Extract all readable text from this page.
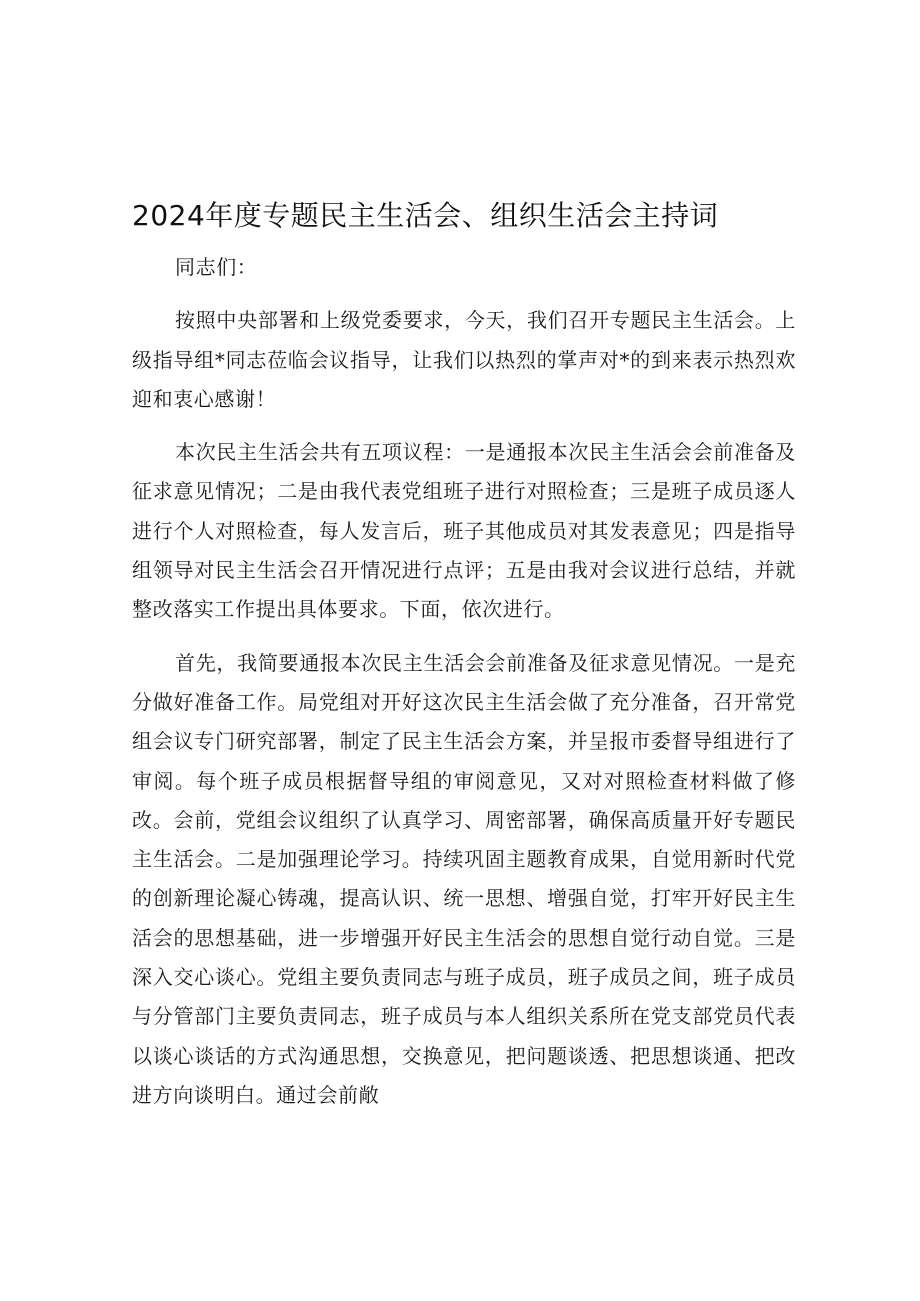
2024年度专题民主生活会、组织生活会主持词

同志们：

按照中央部署和上级党委要求，今天，我们召开专题民主生活会。上级指导组*同志莅临会议指导，让我们以热烈的掌声对*的到来表示热烈欢迎和衷心感谢！

本次民主生活会共有五项议程：一是通报本次民主生活会会前准备及征求意见情况；二是由我代表党组班子进行对照检查；三是班子成员逐人进行个人对照检查，每人发言后，班子其他成员对其发表意见；四是指导组领导对民主生活会召开情况进行点评；五是由我对会议进行总结，并就整改落实工作提出具体要求。下面，依次进行。

首先，我简要通报本次民主生活会会前准备及征求意见情况。一是充分做好准备工作。局党组对开好这次民主生活会做了充分准备，召开常党组会议专门研究部署，制定了民主生活会方案，并呈报市委督导组进行了审阅。每个班子成员根据督导组的审阅意见，又对对照检查材料做了修改。会前，党组会议组织了认真学习、周密部署，确保高质量开好专题民主生活会。二是加强理论学习。持续巩固主题教育成果，自觉用新时代党的创新理论凝心铸魂，提高认识、统一思想、增强自觉，打牢开好民主生活会的思想基础，进一步增强开好民主生活会的思想自觉行动自觉。三是深入交心谈心。党组主要负责同志与班子成员，班子成员之间，班子成员与分管部门主要负责同志，班子成员与本人组织关系所在党支部党员代表以谈心谈话的方式沟通思想，交换意见，把问题谈透、把思想谈通、把改进方向谈明白。通过会前敞
